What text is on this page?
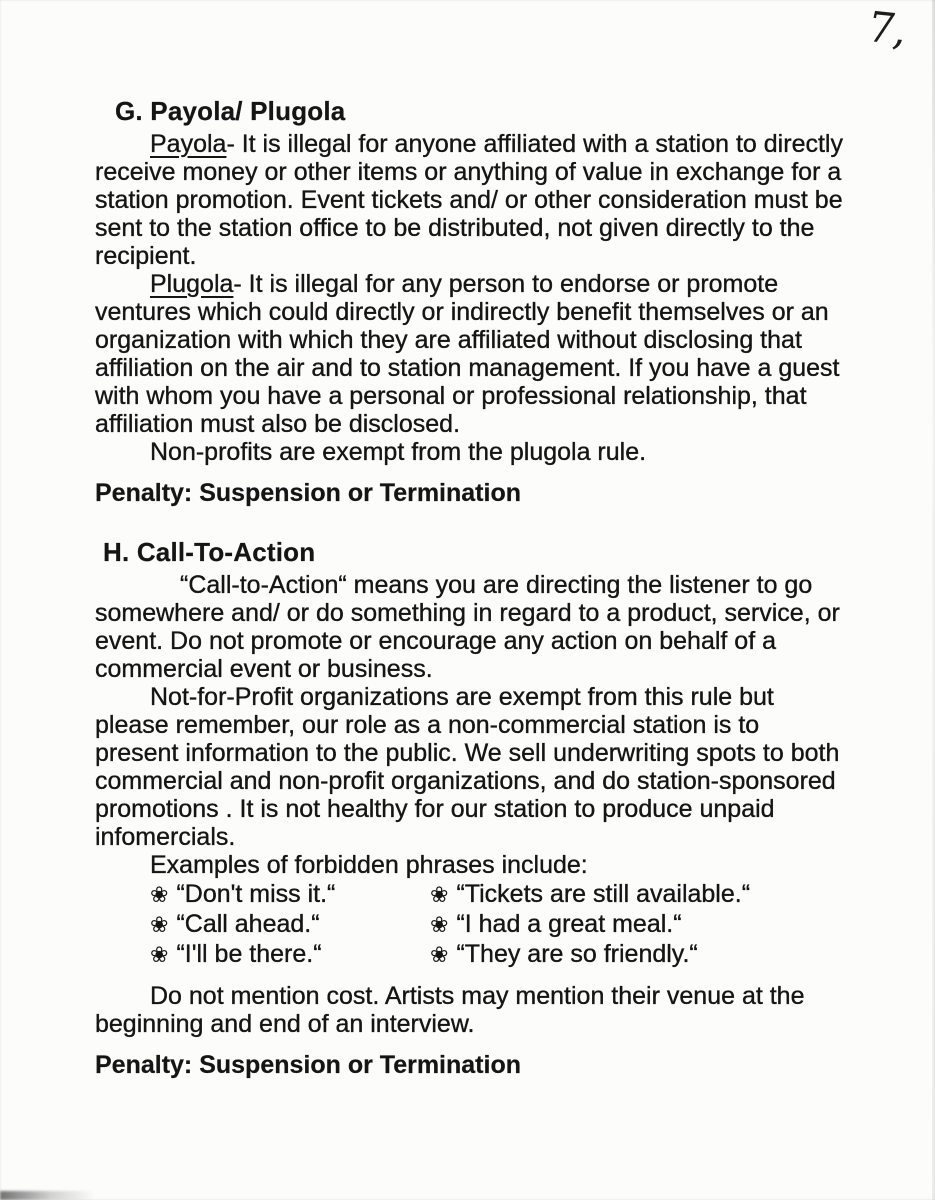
7,
G. Payola/ Plugola

Payola- It is illegal for anyone affiliated with a station to directly receive money or other items or anything of value in exchange for a station promotion. Event tickets and/ or other consideration must be sent to the station office to be distributed, not given directly to the recipient.

Plugola- It is illegal for any person to endorse or promote ventures which could directly or indirectly benefit themselves or an organization with which they are affiliated without disclosing that affiliation on the air and to station management. If you have a guest with whom you have a personal or professional relationship, that affiliation must also be disclosed.

Non-profits are exempt from the plugola rule.

Penalty: Suspension or Termination

H. Call-To-Action

“Call-to-Action“ means you are directing the listener to go somewhere and/ or do something in regard to a product, service, or event. Do not promote or encourage any action on behalf of a commercial event or business.

Not-for-Profit organizations are exempt from this rule but please remember, our role as a non-commercial station is to present information to the public. We sell underwriting spots to both commercial and non-profit organizations, and do station-sponsored promotions . It is not healthy for our station to produce unpaid infomercials.

Examples of forbidden phrases include:

❀ “Don't miss it.“	❀ “Tickets are still available.“
❀ “Call ahead.“	❀ “I had a great meal.“
❀ “I'll be there.“	❀ “They are so friendly.“

Do not mention cost. Artists may mention their venue at the beginning and end of an interview.

Penalty: Suspension or Termination
